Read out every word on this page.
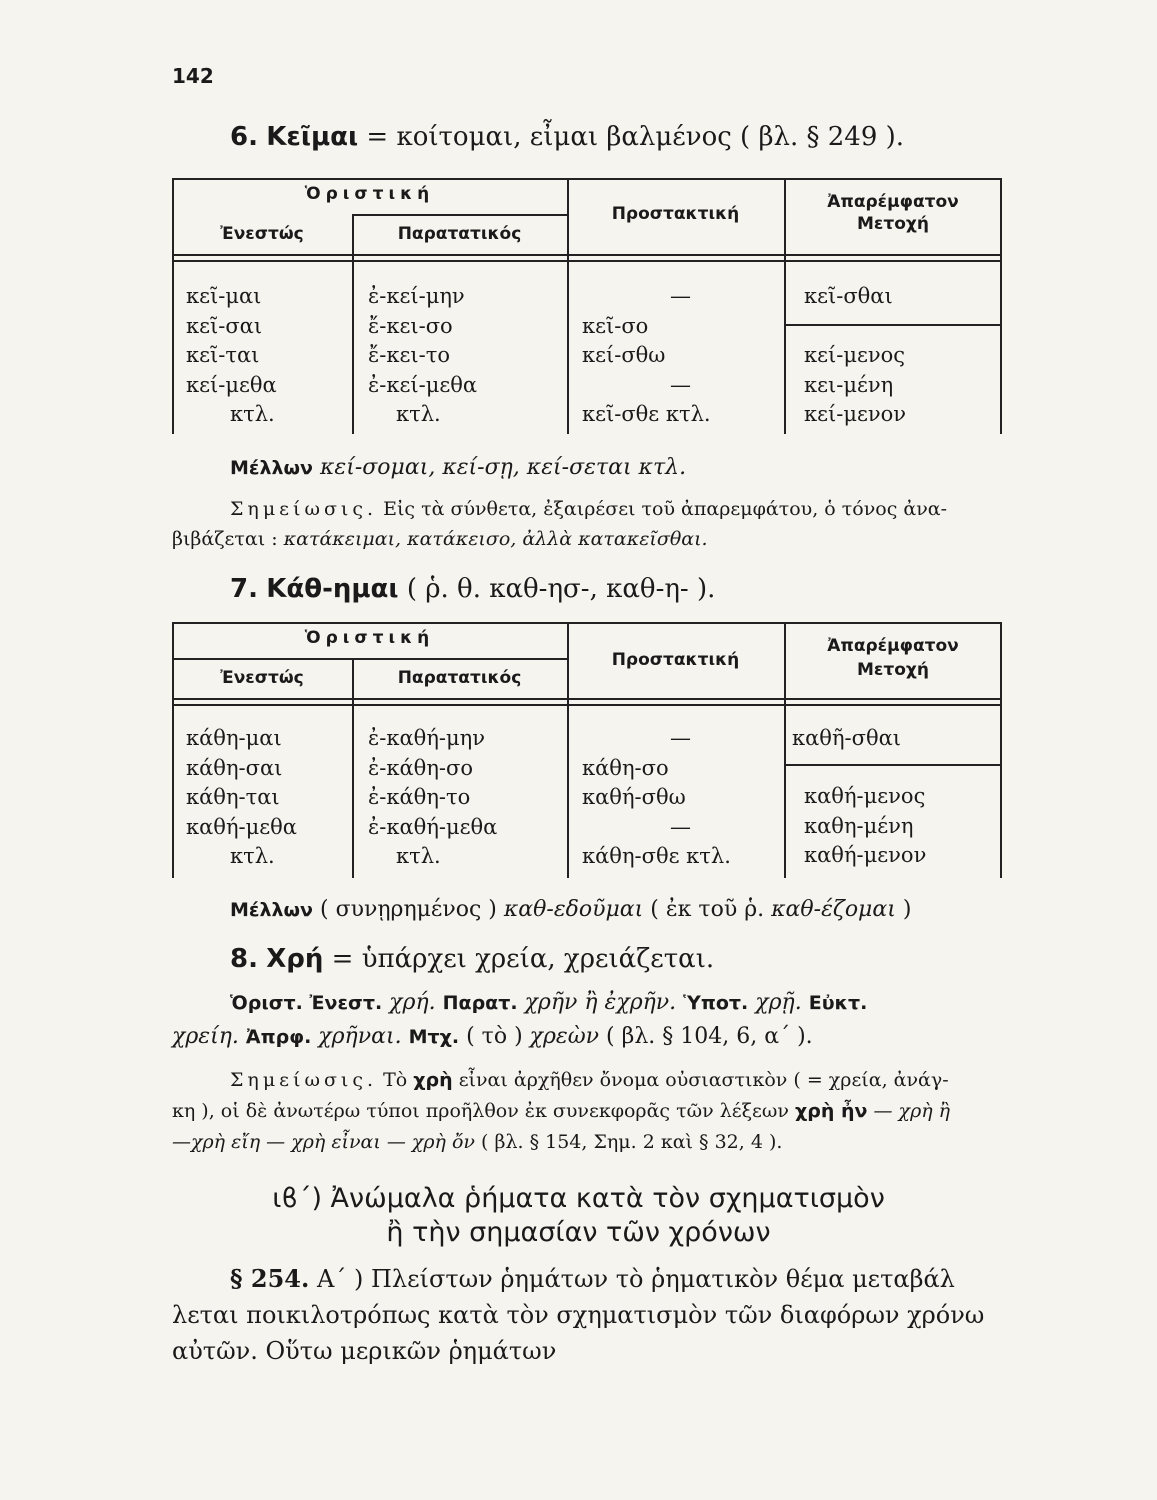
142
6. Κεῖμαι = κοίτομαι, εἶμαι βαλμένος ( βλ. § 249 ).
Ὁριστική
Ἐνεστώς	Παρατατικός
Προστακτική
Ἀπαρέμφατον
Μετοχή
κεῖ-μαι
κεῖ-σαι
κεῖ-ται
κεί-μεθα
κτλ.
ἐ-κεί-μην
ἔ-κει-σο
ἔ-κει-το
ἐ-κεί-μεθα
κτλ.
—
κεῖ-σο
κεί-σθω
—
κεῖ-σθε κτλ.
κεῖ-σθαι
κεί-μενος
κει-μένη
κεί-μενον
Μέλλων κεί-σομαι, κεί-σῃ, κεί-σεται κτλ.
Σημείωσις. Εἰς τὰ σύνθετα, ἐξαιρέσει τοῦ ἀπαρεμφάτου, ὁ τόνος ἀνα-
βιβάζεται : κατάκειμαι, κατάκεισο, ἀλλὰ κατακεῖσθαι.
7. Κάθ-ημαι ( ῥ. θ. καθ-ησ-, καθ-η- ).
Ὁριστική
Ἐνεστώς	Παρατατικός
Προστακτική
Ἀπαρέμφατον
Μετοχή
κάθη-μαι
κάθη-σαι
κάθη-ται
καθή-μεθα
κτλ.
ἐ-καθή-μην
ἐ-κάθη-σο
ἐ-κάθη-το
ἐ-καθή-μεθα
κτλ.
—
κάθη-σο
καθή-σθω
—
κάθη-σθε κτλ.
καθῆ-σθαι
καθή-μενος
καθη-μένη
καθή-μενον
Μέλλων ( συνῃρημένος ) καθ-εδοῦμαι ( ἐκ τοῦ ῥ. καθ-έζομαι )
8. Χρή = ὑπάρχει χρεία, χρειάζεται.
Ὁριστ. Ἐνεστ. χρή. Παρατ. χρῆν ἢ ἐχρῆν. Ὑποτ. χρῇ. Εὐκτ.
χρείη. Ἀπρφ. χρῆναι. Μτχ. ( τὸ ) χρεὼν ( βλ. § 104, 6, α΄ ).
Σημείωσις. Τὸ χρὴ εἶναι ἀρχῆθεν ὄνομα οὐσιαστικὸν ( = χρεία, ἀνάγ-
κη ), οἱ δὲ ἀνωτέρω τύποι προῆλθον ἐκ συνεκφορᾶς τῶν λέξεων χρὴ ἦν — χρὴ ἢ
—χρὴ εἴη — χρὴ εἶναι — χρὴ ὄν ( βλ. § 154, Σημ. 2 καὶ § 32, 4 ).
ιϐ΄) Ἀνώμαλα ῥήματα κατὰ τὸν σχηματισμὸν
ἢ τὴν σημασίαν τῶν χρόνων
§ 254. Α΄ ) Πλείστων ῥημάτων τὸ ῥηματικὸν θέμα μεταβάλ
λεται ποικιλοτρόπως κατὰ τὸν σχηματισμὸν τῶν διαφόρων χρόνω
αὐτῶν. Οὕτω μερικῶν ῥημάτων
